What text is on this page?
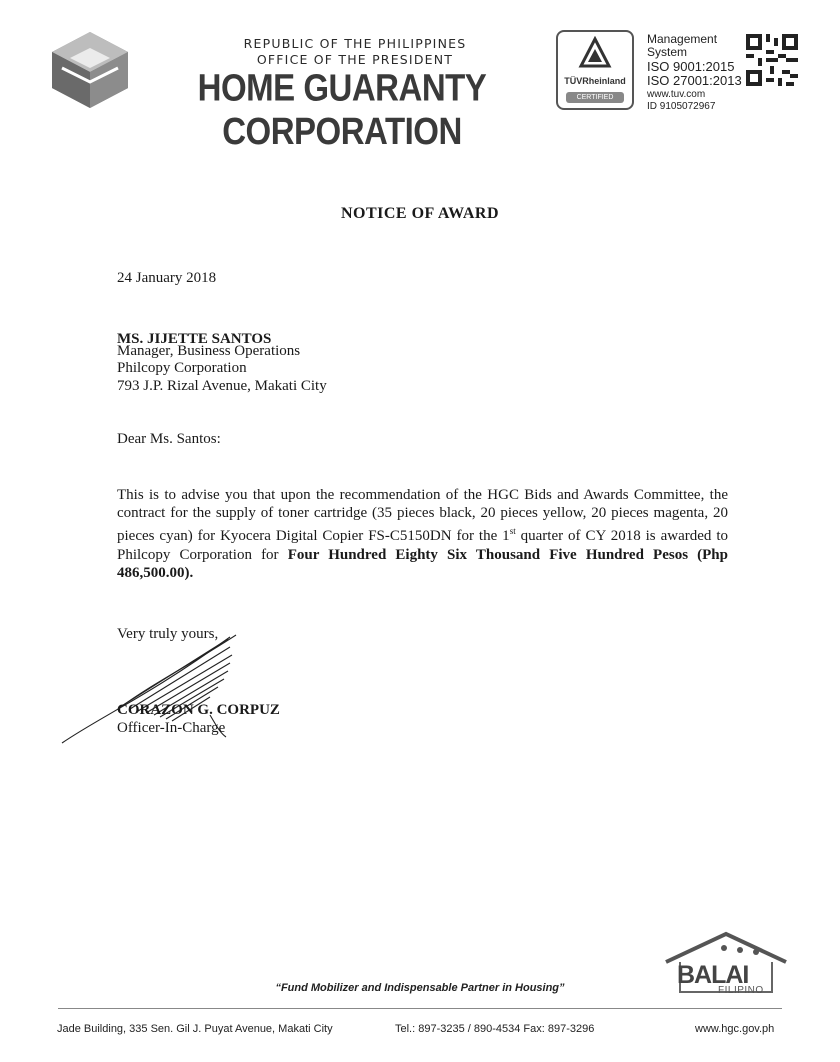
REPUBLIC OF THE PHILIPPINES
OFFICE OF THE PRESIDENT
HOME GUARANTY CORPORATION
TÜVRheinland
CERTIFIED
Management
System
ISO 9001:2015
ISO 27001:2013
www.tuv.com
ID 9105072967
NOTICE OF AWARD
24 January 2018
MS. JIJETTE SANTOS
Manager, Business Operations
Philcopy Corporation
793 J.P. Rizal Avenue, Makati City
Dear Ms. Santos:
This is to advise you that upon the recommendation of the HGC Bids and Awards Committee, the contract for the supply of toner cartridge (35 pieces black, 20 pieces yellow, 20 pieces magenta, 20 pieces cyan) for Kyocera Digital Copier FS-C5150DN for the 1st quarter of CY 2018 is awarded to Philcopy Corporation for Four Hundred Eighty Six Thousand Five Hundred Pesos (Php 486,500.00).
Very truly yours,
CORAZON G. CORPUZ
Officer-In-Charge
BALAI
FILIPINO
“Fund Mobilizer and Indispensable Partner in Housing”
Jade Building, 335 Sen. Gil J. Puyat Avenue, Makati City	Tel.: 897-3235 / 890-4534 Fax: 897-3296	www.hgc.gov.ph
